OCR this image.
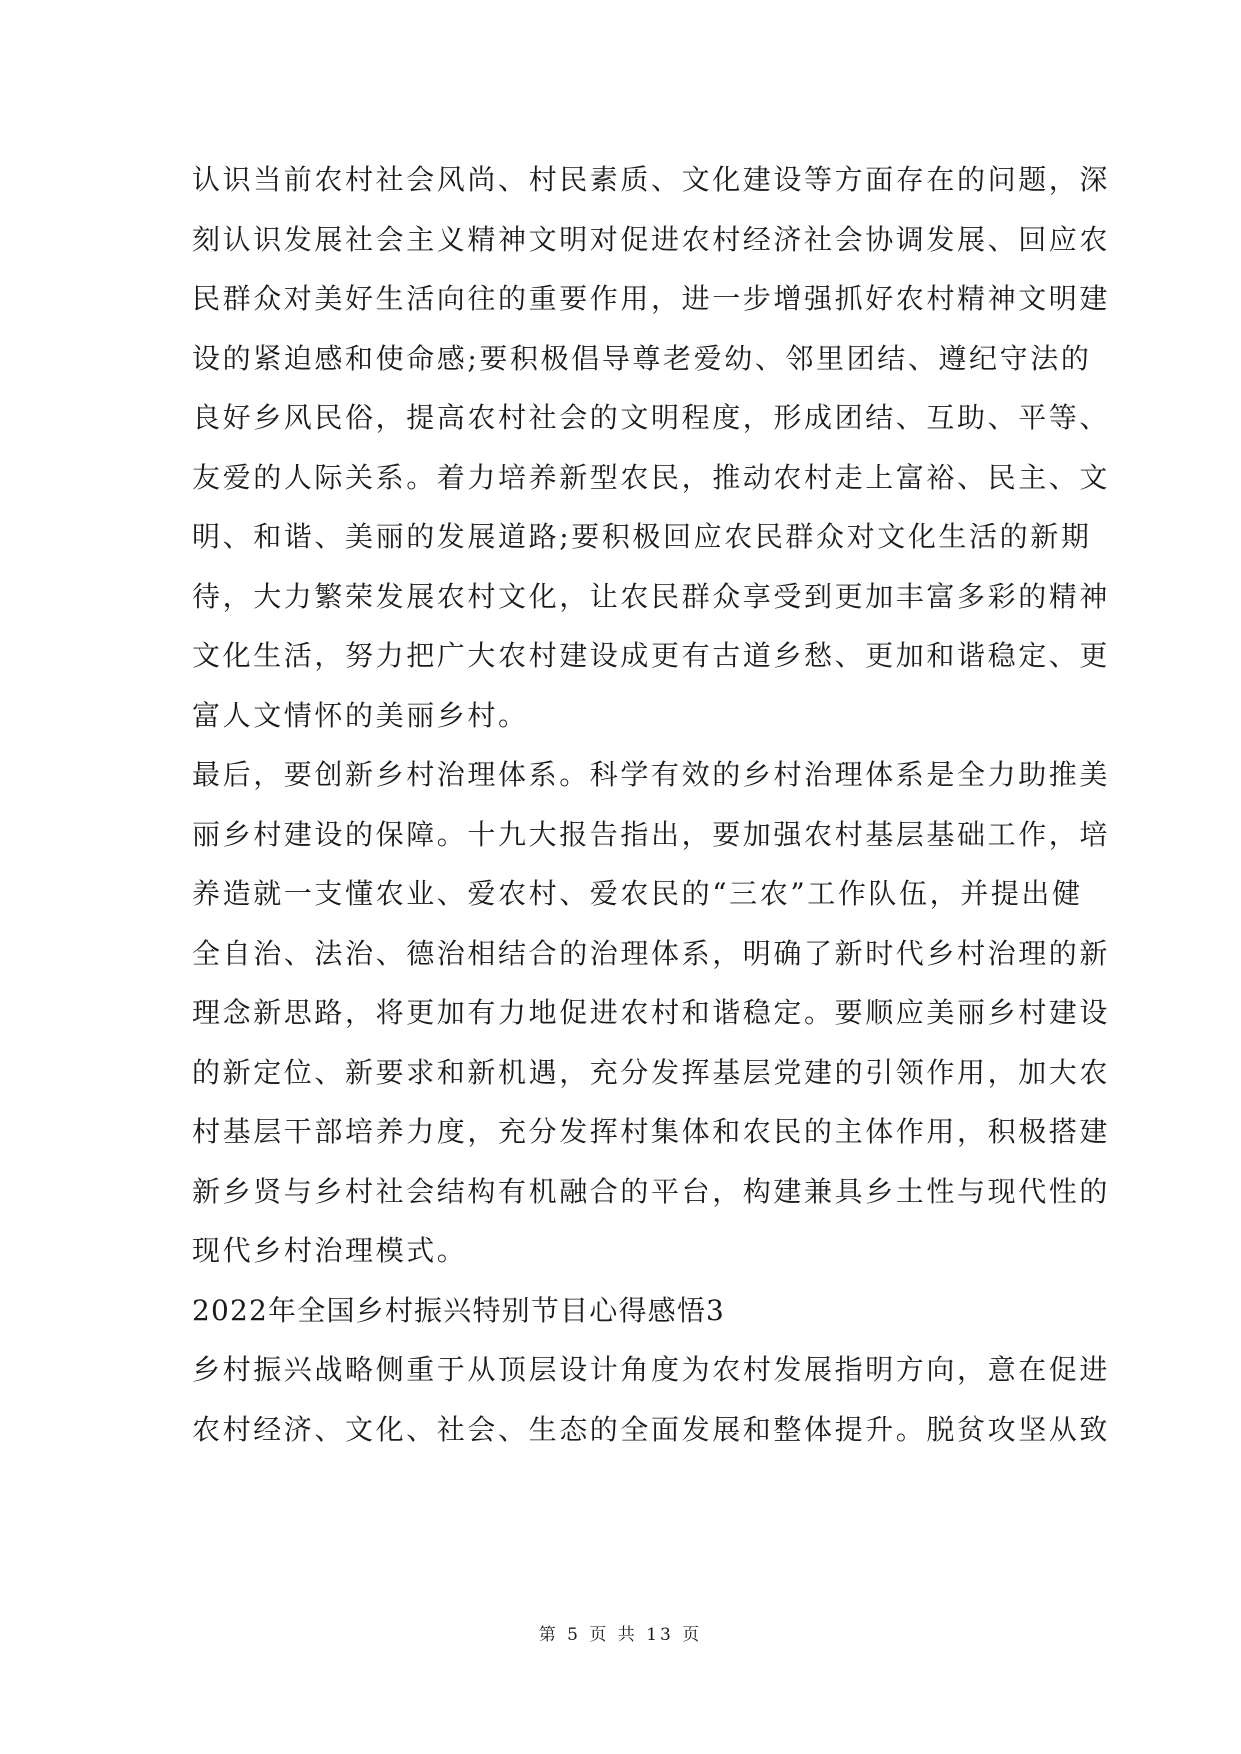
认识当前农村社会风尚、村民素质、文化建设等方面存在的问题，深
刻认识发展社会主义精神文明对促进农村经济社会协调发展、回应农
民群众对美好生活向往的重要作用，进一步增强抓好农村精神文明建
设的紧迫感和使命感;要积极倡导尊老爱幼、邻里团结、遵纪守法的
良好乡风民俗，提高农村社会的文明程度，形成团结、互助、平等、
友爱的人际关系。着力培养新型农民，推动农村走上富裕、民主、文
明、和谐、美丽的发展道路;要积极回应农民群众对文化生活的新期
待，大力繁荣发展农村文化，让农民群众享受到更加丰富多彩的精神
文化生活，努力把广大农村建设成更有古道乡愁、更加和谐稳定、更
富人文情怀的美丽乡村。
最后，要创新乡村治理体系。科学有效的乡村治理体系是全力助推美
丽乡村建设的保障。十九大报告指出，要加强农村基层基础工作，培
养造就一支懂农业、爱农村、爱农民的“三农”工作队伍，并提出健
全自治、法治、德治相结合的治理体系，明确了新时代乡村治理的新
理念新思路，将更加有力地促进农村和谐稳定。要顺应美丽乡村建设
的新定位、新要求和新机遇，充分发挥基层党建的引领作用，加大农
村基层干部培养力度，充分发挥村集体和农民的主体作用，积极搭建
新乡贤与乡村社会结构有机融合的平台，构建兼具乡土性与现代性的
现代乡村治理模式。
2022年全国乡村振兴特别节目心得感悟3
乡村振兴战略侧重于从顶层设计角度为农村发展指明方向，意在促进
农村经济、文化、社会、生态的全面发展和整体提升。脱贫攻坚从致
第 5 页 共 13 页
